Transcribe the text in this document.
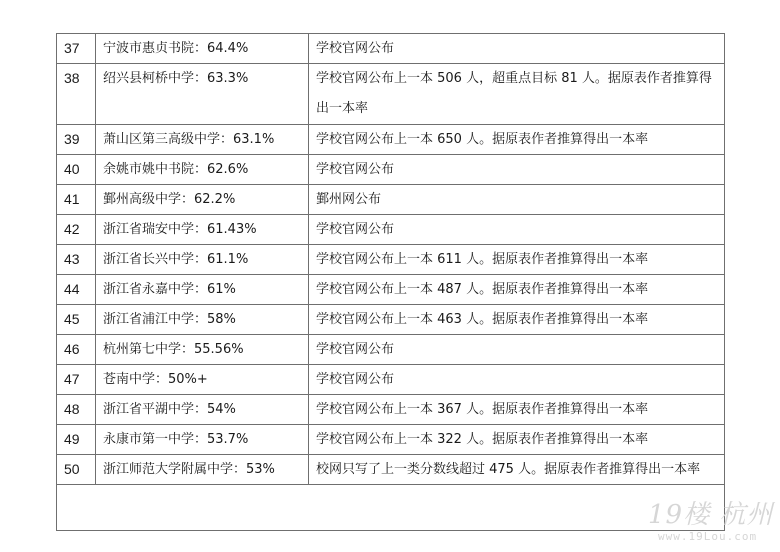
37	宁波市惠贞书院：64.4%	学校官网公布
38	绍兴县柯桥中学：63.3%	学校官网公布上一本 506 人，超重点目标 81 人。据原表作者推算得出一本率
39	萧山区第三高级中学：63.1%	学校官网公布上一本 650 人。据原表作者推算得出一本率
40	余姚市姚中书院：62.6%	学校官网公布
41	鄞州高级中学：62.2%	鄞州网公布
42	浙江省瑞安中学：61.43%	学校官网公布
43	浙江省长兴中学：61.1%	学校官网公布上一本 611 人。据原表作者推算得出一本率
44	浙江省永嘉中学：61%	学校官网公布上一本 487 人。据原表作者推算得出一本率
45	浙江省浦江中学：58%	学校官网公布上一本 463 人。据原表作者推算得出一本率
46	杭州第七中学：55.56%	学校官网公布
47	苍南中学：50%+	学校官网公布
48	浙江省平湖中学：54%	学校官网公布上一本 367 人。据原表作者推算得出一本率
49	永康市第一中学：53.7%	学校官网公布上一本 322 人。据原表作者推算得出一本率
50	浙江师范大学附属中学：53%	校网只写了上一类分数线超过 475 人。据原表作者推算得出一本率

19楼 杭州
www.19Lou.com
